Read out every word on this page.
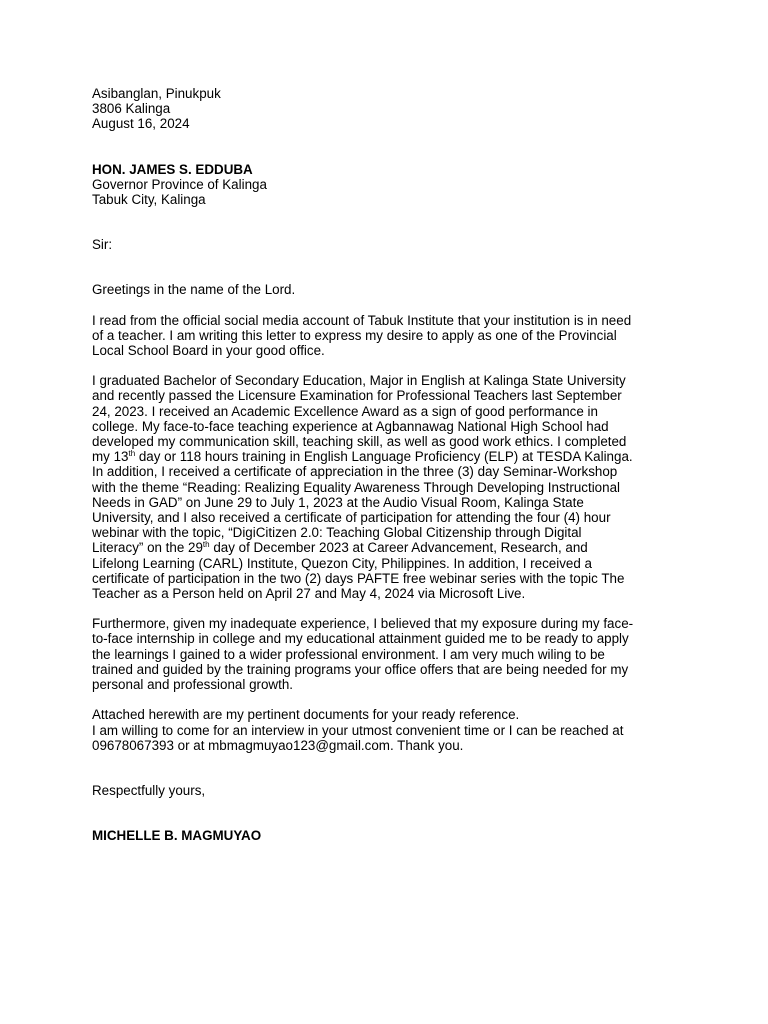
Asibanglan, Pinukpuk
3806 Kalinga
August 16, 2024
HON. JAMES S. EDDUBA
Governor Province of Kalinga
Tabuk City, Kalinga
Sir:
Greetings in the name of the Lord.
I read from the official social media account of Tabuk Institute that your institution is in need
of a teacher. I am writing this letter to express my desire to apply as one of the Provincial
Local School Board in your good office.
I graduated Bachelor of Secondary Education, Major in English at Kalinga State University
and recently passed the Licensure Examination for Professional Teachers last September
24, 2023. I received an Academic Excellence Award as a sign of good performance in
college. My face-to-face teaching experience at Agbannawag National High School had
developed my communication skill, teaching skill, as well as good work ethics. I completed
my 13th day or 118 hours training in English Language Proficiency (ELP) at TESDA Kalinga.
In addition, I received a certificate of appreciation in the three (3) day Seminar-Workshop
with the theme “Reading: Realizing Equality Awareness Through Developing Instructional
Needs in GAD” on June 29 to July 1, 2023 at the Audio Visual Room, Kalinga State
University, and I also received a certificate of participation for attending the four (4) hour
webinar with the topic, “DigiCitizen 2.0: Teaching Global Citizenship through Digital
Literacy” on the 29th day of December 2023 at Career Advancement, Research, and
Lifelong Learning (CARL) Institute, Quezon City, Philippines. In addition, I received a
certificate of participation in the two (2) days PAFTE free webinar series with the topic The
Teacher as a Person held on April 27 and May 4, 2024 via Microsoft Live.
Furthermore, given my inadequate experience, I believed that my exposure during my face-
to-face internship in college and my educational attainment guided me to be ready to apply
the learnings I gained to a wider professional environment. I am very much wiling to be
trained and guided by the training programs your office offers that are being needed for my
personal and professional growth.
Attached herewith are my pertinent documents for your ready reference.
I am willing to come for an interview in your utmost convenient time or I can be reached at
09678067393 or at mbmagmuyao123@gmail.com. Thank you.
Respectfully yours,
MICHELLE B. MAGMUYAO
